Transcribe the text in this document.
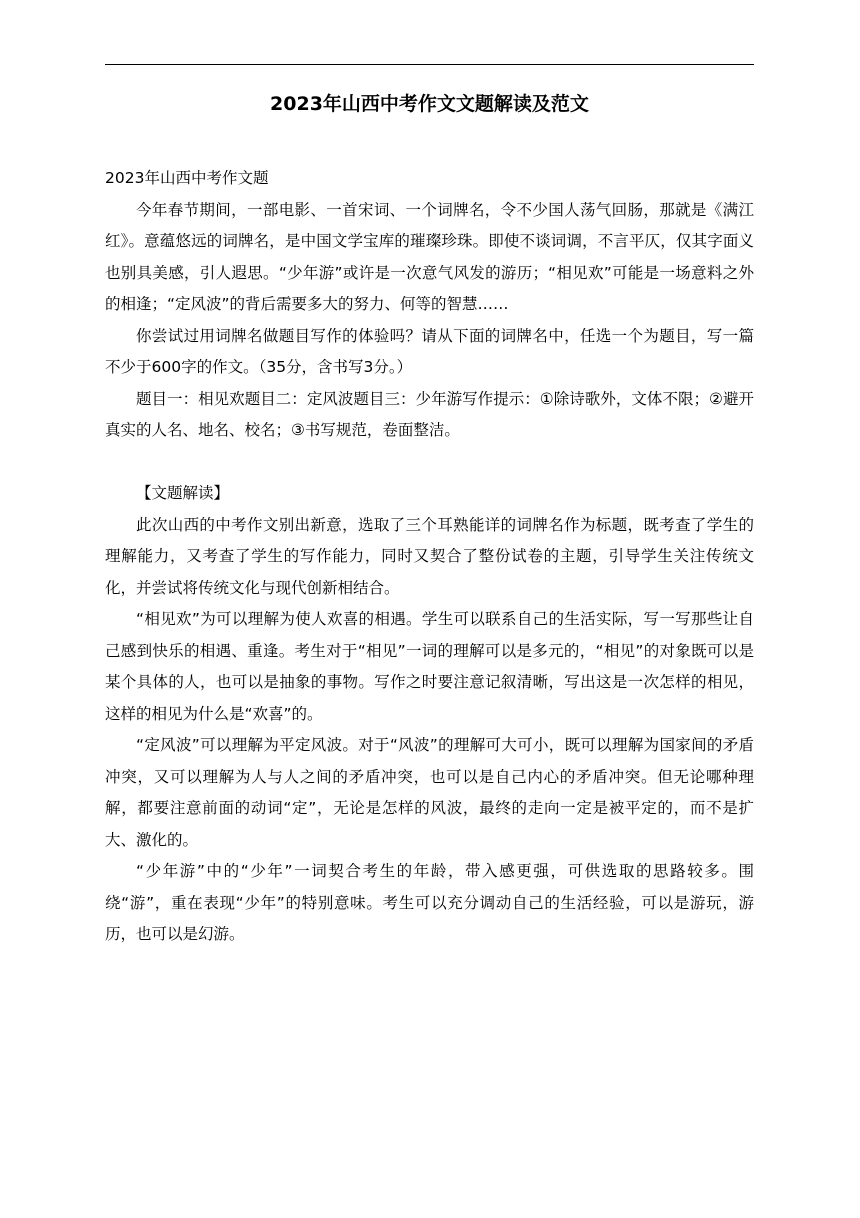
2023年山西中考作文文题解读及范文

2023年山西中考作文题

今年春节期间，一部电影、一首宋词、一个词牌名，令不少国人荡气回肠，那就是《满江红》。意蕴悠远的词牌名，是中国文学宝库的璀璨珍珠。即使不谈词调，不言平仄，仅其字面义也别具美感，引人遐思。“少年游”或许是一次意气风发的游历；“相见欢”可能是一场意料之外的相逢；“定风波”的背后需要多大的努力、何等的智慧……

你尝试过用词牌名做题目写作的体验吗？请从下面的词牌名中，任选一个为题目，写一篇不少于600字的作文。（35分，含书写3分。）

题目一：相见欢题目二：定风波题目三：少年游写作提示：①除诗歌外，文体不限；②避开真实的人名、地名、校名；③书写规范，卷面整洁。

【文题解读】

此次山西的中考作文别出新意，选取了三个耳熟能详的词牌名作为标题，既考查了学生的理解能力，又考查了学生的写作能力，同时又契合了整份试卷的主题，引导学生关注传统文化，并尝试将传统文化与现代创新相结合。

“相见欢”为可以理解为使人欢喜的相遇。学生可以联系自己的生活实际，写一写那些让自己感到快乐的相遇、重逢。考生对于“相见”一词的理解可以是多元的，“相见”的对象既可以是某个具体的人，也可以是抽象的事物。写作之时要注意记叙清晰，写出这是一次怎样的相见，这样的相见为什么是“欢喜”的。

“定风波”可以理解为平定风波。对于“风波”的理解可大可小，既可以理解为国家间的矛盾冲突，又可以理解为人与人之间的矛盾冲突，也可以是自己内心的矛盾冲突。但无论哪种理解，都要注意前面的动词“定”，无论是怎样的风波，最终的走向一定是被平定的，而不是扩大、激化的。

“少年游”中的“少年”一词契合考生的年龄，带入感更强，可供选取的思路较多。围绕“游”，重在表现“少年”的特别意味。考生可以充分调动自己的生活经验，可以是游玩，游历，也可以是幻游。
